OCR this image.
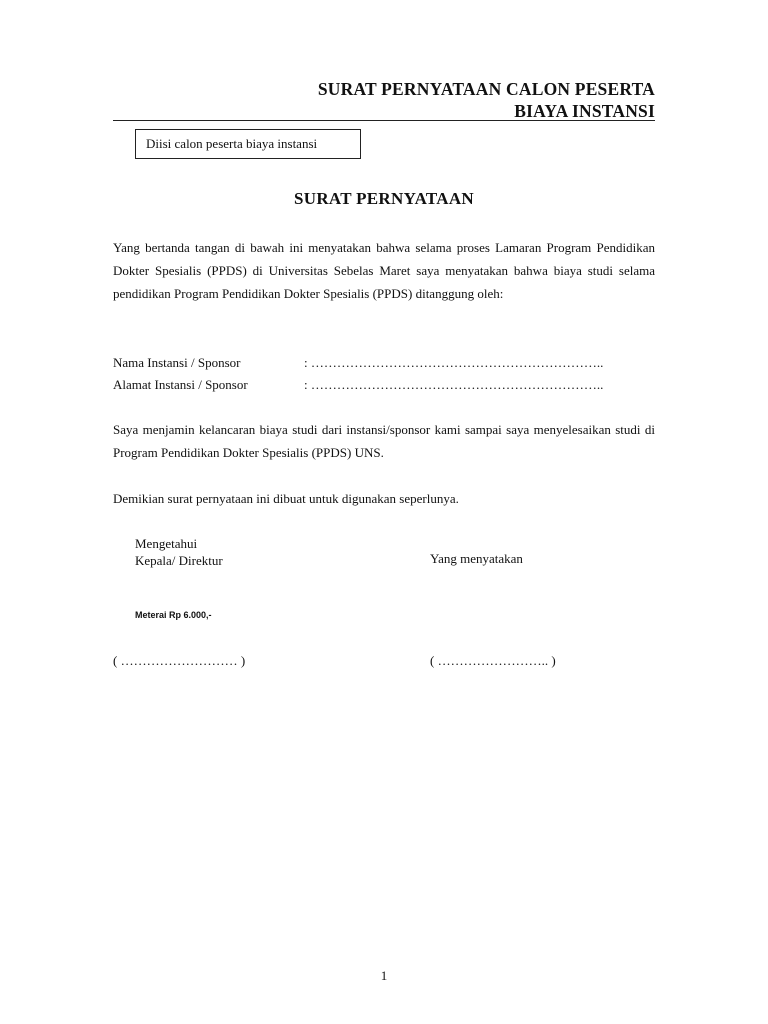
SURAT PERNYATAAN CALON PESERTA
BIAYA INSTANSI
Diisi calon peserta biaya instansi
SURAT PERNYATAAN
Yang bertanda tangan di bawah ini menyatakan bahwa selama proses Lamaran Program Pendidikan Dokter Spesialis (PPDS) di Universitas Sebelas Maret saya menyatakan bahwa biaya studi selama pendidikan Program Pendidikan Dokter Spesialis (PPDS) ditanggung oleh:
Nama Instansi / Sponsor	: …………………………………………………………..
Alamat Instansi / Sponsor	: …………………………………………………………..
Saya menjamin kelancaran biaya studi dari instansi/sponsor kami sampai saya menyelesaikan studi di Program Pendidikan Dokter Spesialis (PPDS) UNS.
Demikian surat pernyataan ini dibuat untuk digunakan seperlunya.
Mengetahui
Kepala/ Direktur	Yang menyatakan
Meterai Rp 6.000,-
( ……………………… )	( …………………….. )
1
